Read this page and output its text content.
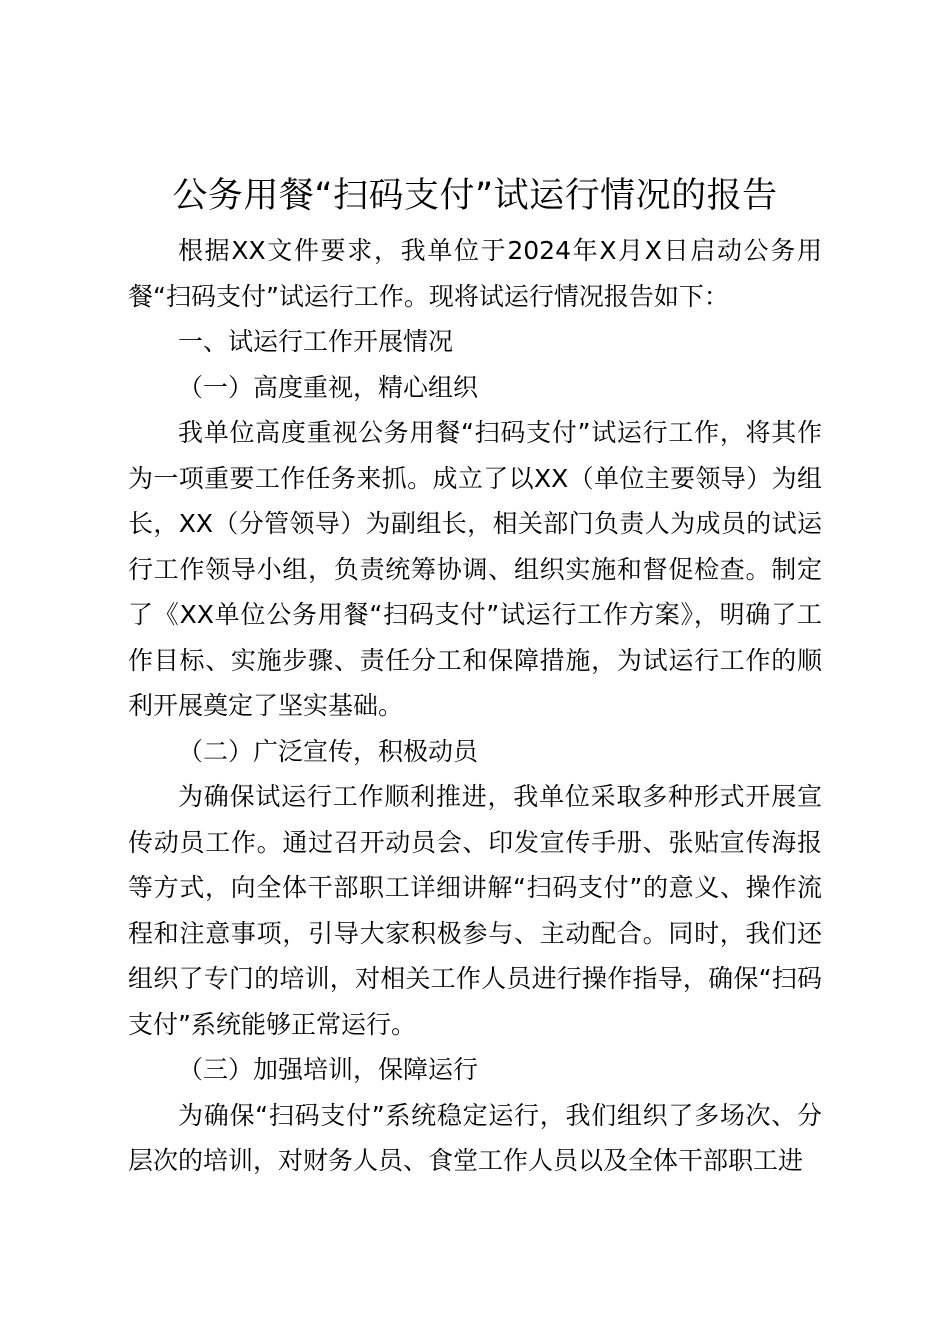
公务用餐“扫码支付”试运行情况的报告

根据XX文件要求，我单位于2024年X月X日启动公务用餐“扫码支付”试运行工作。现将试运行情况报告如下：

一、试运行工作开展情况

（一）高度重视，精心组织

我单位高度重视公务用餐“扫码支付”试运行工作，将其作为一项重要工作任务来抓。成立了以XX（单位主要领导）为组长，XX（分管领导）为副组长，相关部门负责人为成员的试运行工作领导小组，负责统筹协调、组织实施和督促检查。制定了《XX单位公务用餐“扫码支付”试运行工作方案》，明确了工作目标、实施步骤、责任分工和保障措施，为试运行工作的顺利开展奠定了坚实基础。

（二）广泛宣传，积极动员

为确保试运行工作顺利推进，我单位采取多种形式开展宣传动员工作。通过召开动员会、印发宣传手册、张贴宣传海报等方式，向全体干部职工详细讲解“扫码支付”的意义、操作流程和注意事项，引导大家积极参与、主动配合。同时，我们还组织了专门的培训，对相关工作人员进行操作指导，确保“扫码支付”系统能够正常运行。

（三）加强培训，保障运行

为确保“扫码支付”系统稳定运行，我们组织了多场次、分层次的培训，对财务人员、食堂工作人员以及全体干部职工进
